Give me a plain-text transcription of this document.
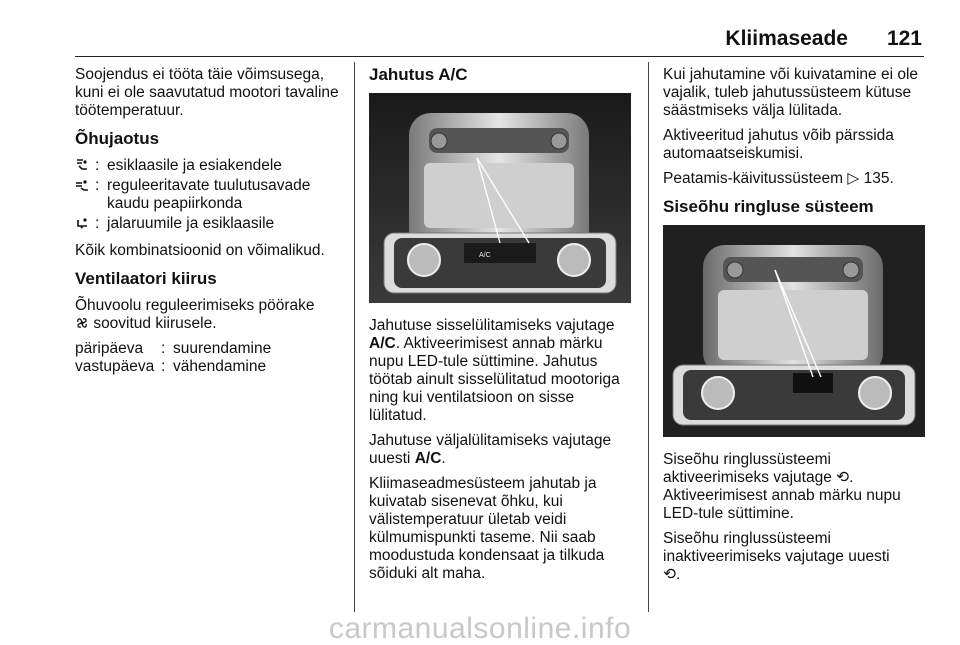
Kliimaseade 121

Soojendus ei tööta täie võimsusega, kuni ei ole saavutatud mootori tavaline töötemperatuur.

Õhujaotus
: esiklaasile ja esiakendele
: reguleeritavate tuulutusavade kaudu peapiirkonda
: jalaruumile ja esiklaasile

Kõik kombinatsioonid on võimalikud.

Ventilaatori kiirus

Õhuvoolu reguleerimiseks pöörake
soovitud kiirusele.

päripäeva	: suurendamine
vastupäeva : vähendamine
Jahutus A/C
A/C

Jahutuse sisselülitamiseks vajutage
A/C. Aktiveerimisest annab märku nupu LED-tule süttimine. Jahutus töötab ainult sisselülitatud mootoriga ning kui ventilatsioon on sisse lülitatud.

Jahutuse väljalülitamiseks vajutage uuesti A/C.

Kliimaseadmesüsteem jahutab ja kuivatab sisenevat õhku, kui välistemperatuur ületab veidi külmumispunkti taseme. Nii saab moodustuda kondensaat ja tilkuda sõiduki alt maha.

Kui jahutamine või kuivatamine ei ole vajalik, tuleb jahutussüsteem kütuse säästmiseks välja lülitada.

Aktiveeritud jahutus võib pärssida automaatseiskumisi.

Peatamis-käivitussüsteem ▷ 135.

Siseõhu ringluse süsteem

Siseõhu ringlussüsteemi aktiveerimiseks vajutage ⟲. Aktiveerimisest annab märku nupu LED-tule süttimine.

Siseõhu ringlussüsteemi inaktiveerimiseks vajutage uuesti
⟲.

carmanualsonline.info
